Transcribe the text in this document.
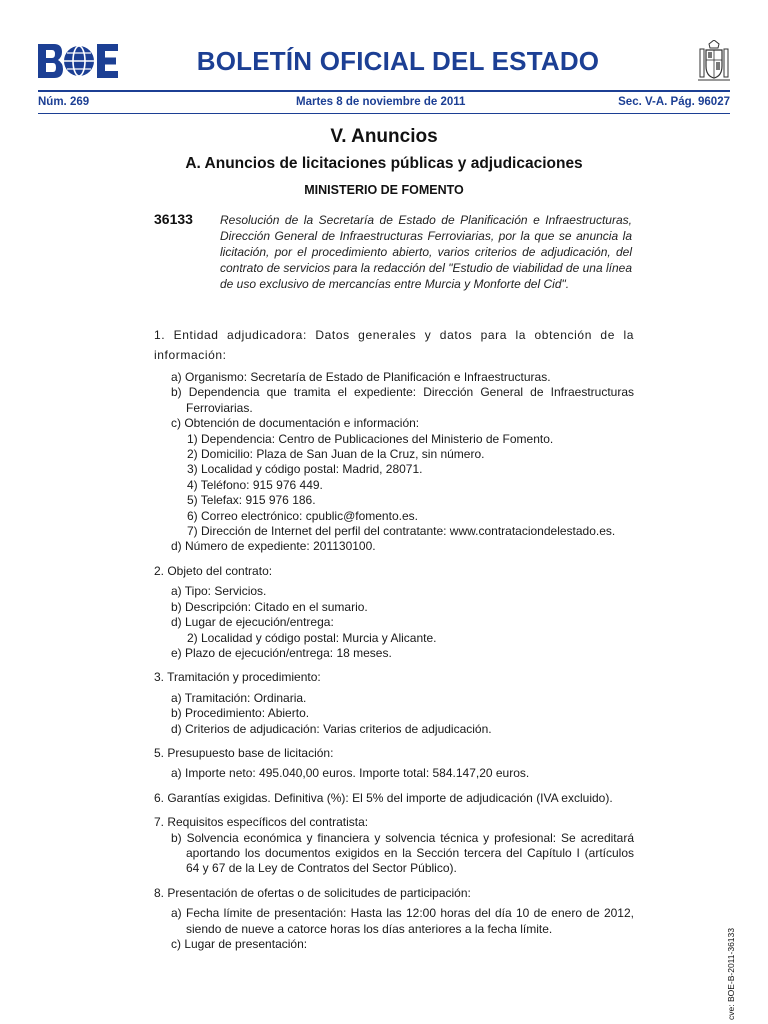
BOLETÍN OFICIAL DEL ESTADO
Núm. 269	Martes 8 de noviembre de 2011	Sec. V-A. Pág. 96027
V. Anuncios
A. Anuncios de licitaciones públicas y adjudicaciones
MINISTERIO DE FOMENTO
36133 Resolución de la Secretaría de Estado de Planificación e Infraestructuras, Dirección General de Infraestructuras Ferroviarias, por la que se anuncia la licitación, por el procedimiento abierto, varios criterios de adjudicación, del contrato de servicios para la redacción del "Estudio de viabilidad de una línea de uso exclusivo de mercancías entre Murcia y Monforte del Cid".
1. Entidad adjudicadora: Datos generales y datos para la obtención de la información:
a) Organismo: Secretaría de Estado de Planificación e Infraestructuras.
b) Dependencia que tramita el expediente: Dirección General de Infraestructuras Ferroviarias.
c) Obtención de documentación e información:
1) Dependencia: Centro de Publicaciones del Ministerio de Fomento.
2) Domicilio: Plaza de San Juan de la Cruz, sin número.
3) Localidad y código postal: Madrid, 28071.
4) Teléfono: 915 976 449.
5) Telefax: 915 976 186.
6) Correo electrónico: cpublic@fomento.es.
7) Dirección de Internet del perfil del contratante: www.contrataciondelestado.es.
d) Número de expediente: 201130100.
2. Objeto del contrato:
a) Tipo: Servicios.
b) Descripción: Citado en el sumario.
d) Lugar de ejecución/entrega:
2) Localidad y código postal: Murcia y Alicante.
e) Plazo de ejecución/entrega: 18 meses.
3. Tramitación y procedimiento:
a) Tramitación: Ordinaria.
b) Procedimiento: Abierto.
d) Criterios de adjudicación: Varias criterios de adjudicación.
5. Presupuesto base de licitación:
a) Importe neto: 495.040,00 euros. Importe total: 584.147,20 euros.
6. Garantías exigidas. Definitiva (%): El 5% del importe de adjudicación (IVA excluido).
7. Requisitos específicos del contratista:
b) Solvencia económica y financiera y solvencia técnica y profesional: Se acreditará aportando los documentos exigidos en la Sección tercera del Capítulo I (artículos 64 y 67 de la Ley de Contratos del Sector Público).
8. Presentación de ofertas o de solicitudes de participación:
a) Fecha límite de presentación: Hasta las 12:00 horas del día 10 de enero de 2012, siendo de nueve a catorce horas los días anteriores a la fecha límite.
c) Lugar de presentación:	cve: BOE-B-2011-36133
